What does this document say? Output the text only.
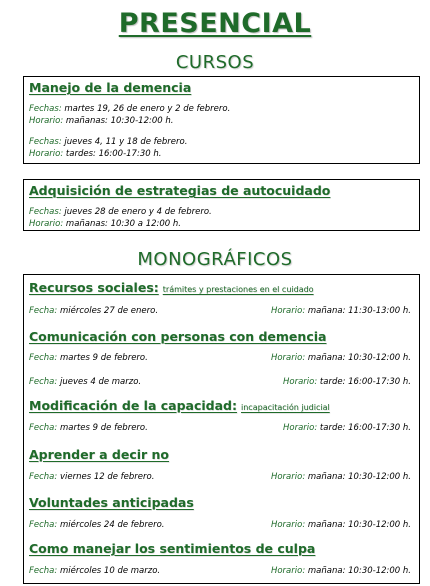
PRESENCIAL
CURSOS
Manejo de la demencia
Fechas: martes 19, 26 de enero y 2 de febrero.
Horario: mañanas: 10:30-12:00 h.
Fechas: jueves 4, 11 y 18 de febrero.
Horario: tardes: 16:00-17:30 h.
Adquisición de estrategias de autocuidado
Fechas: jueves 28 de enero y 4 de febrero.
Horario: mañanas: 10:30 a 12:00 h.
MONOGRÁFICOS
Recursos sociales: trámites y prestaciones en el cuidado
Fecha: miércoles 27 de enero.	Horario: mañana: 11:30-13:00 h.
Comunicación con personas con demencia
Fecha: martes 9 de febrero.	Horario: mañana: 10:30-12:00 h.
Fecha: jueves 4 de marzo.	Horario: tarde: 16:00-17:30 h.
Modificación de la capacidad: incapacitación judicial
Fecha: martes 9 de febrero.	Horario: tarde: 16:00-17:30 h.
Aprender a decir no
Fecha: viernes 12 de febrero.	Horario: mañana: 10:30-12:00 h.
Voluntades anticipadas
Fecha: miércoles 24 de febrero.	Horario: mañana: 10:30-12:00 h.
Como manejar los sentimientos de culpa
Fecha: miércoles 10 de marzo.	Horario: mañana: 10:30-12:00 h.
